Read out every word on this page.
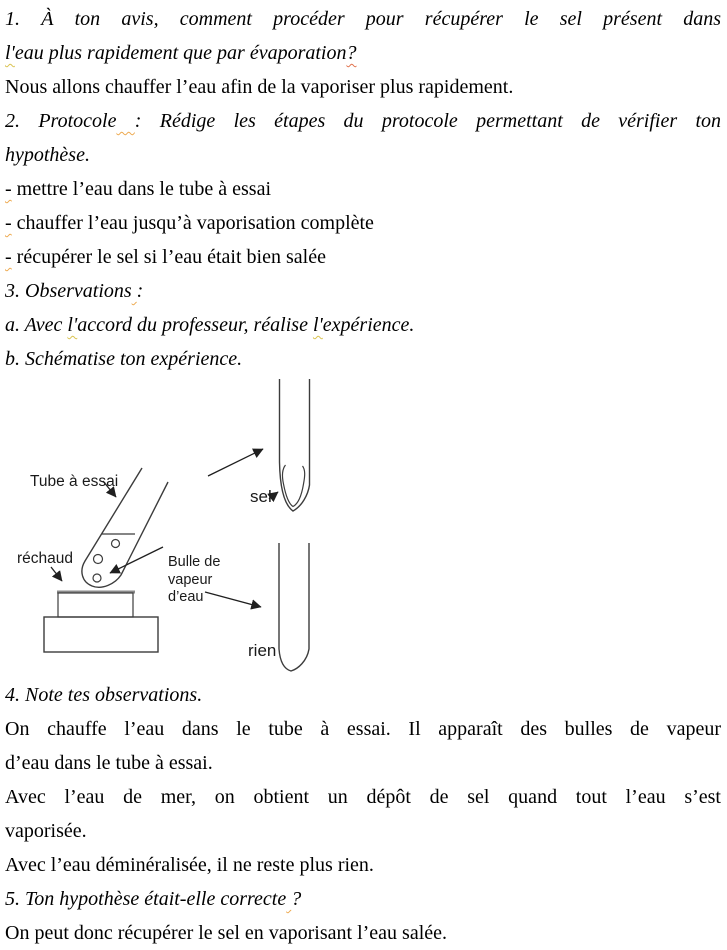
1. À ton avis, comment procéder pour récupérer le sel présent dans

l'eau plus rapidement que par évaporation?

Nous allons chauffer l’eau afin de la vaporiser plus rapidement.

2. Protocole : Rédige les étapes du protocole permettant de vérifier ton

hypothèse.

- mettre l’eau dans le tube à essai

- chauffer l’eau jusqu’à vaporisation complète

- récupérer le sel si l’eau était bien salée

3. Observations :

a. Avec l'accord du professeur, réalise l'expérience.

b. Schématise ton expérience.

Tube à essai
réchaud	Bulle de
vapeur
d’eau
sel
rien

4. Note tes observations.

On chauffe l’eau dans le tube à essai. Il apparaît des bulles de vapeur

d’eau dans le tube à essai.

Avec l’eau de mer, on obtient un dépôt de sel quand tout l’eau s’est

vaporisée.

Avec l’eau déminéralisée, il ne reste plus rien.

5. Ton hypothèse était-elle correcte ?

On peut donc récupérer le sel en vaporisant l’eau salée.
